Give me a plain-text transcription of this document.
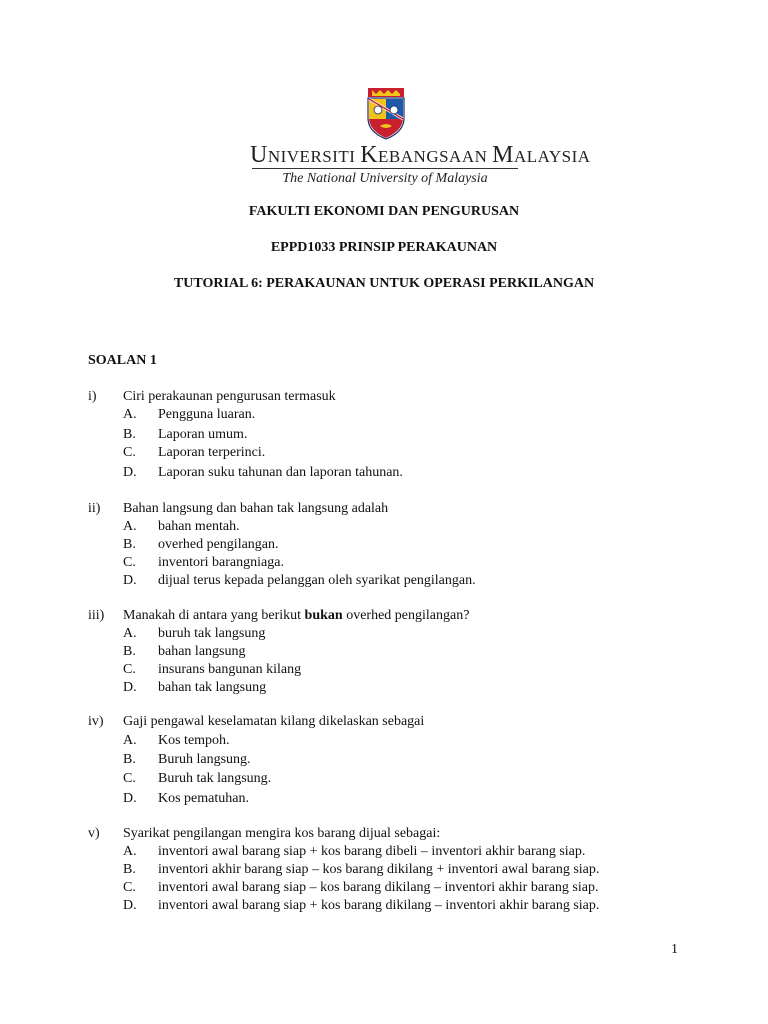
UNIVERSITI KEBANGSAAN MALAYSIA
The National University of Malaysia
FAKULTI EKONOMI DAN PENGURUSAN
EPPD1033 PRINSIP PERAKAUNAN
TUTORIAL 6: PERAKAUNAN UNTUK OPERASI PERKILANGAN
SOALAN 1
i) Ciri perakaunan pengurusan termasuk
A. Pengguna luaran.
B. Laporan umum.
C. Laporan terperinci.
D. Laporan suku tahunan dan laporan tahunan.
ii) Bahan langsung dan bahan tak langsung adalah
A. bahan mentah.
B. overhed pengilangan.
C. inventori barangniaga.
D. dijual terus kepada pelanggan oleh syarikat pengilangan.
iii) Manakah di antara yang berikut bukan overhed pengilangan?
A. buruh tak langsung
B. bahan langsung
C. insurans bangunan kilang
D. bahan tak langsung
iv) Gaji pengawal keselamatan kilang dikelaskan sebagai
A. Kos tempoh.
B. Buruh langsung.
C. Buruh tak langsung.
D. Kos pematuhan.
v) Syarikat pengilangan mengira kos barang dijual sebagai:
A. inventori awal barang siap + kos barang dibeli – inventori akhir barang siap.
B. inventori akhir barang siap – kos barang dikilang + inventori awal barang siap.
C. inventori awal barang siap – kos barang dikilang – inventori akhir barang siap.
D. inventori awal barang siap + kos barang dikilang – inventori akhir barang siap.
1
